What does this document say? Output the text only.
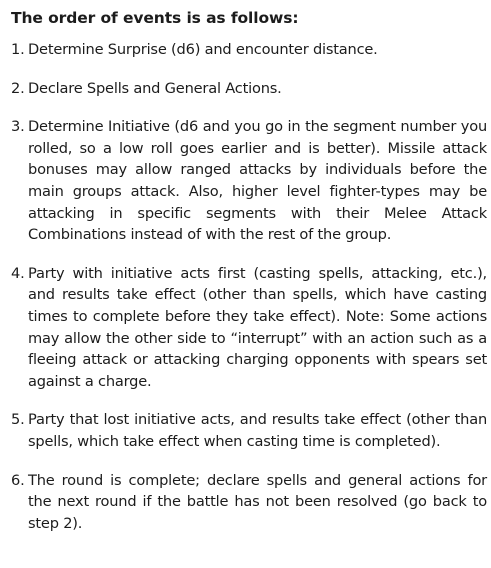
The order of events is as follows:
1. Determine Surprise (d6) and encounter distance.
2. Declare Spells and General Actions.
3. Determine Initiative (d6 and you go in the segment number you rolled, so a low roll goes earlier and is better). Missile attack bonuses may allow ranged attacks by individuals before the main groups attack. Also, higher level fighter-types may be attacking in specific segments with their Melee Attack Combinations instead of with the rest of the group.
4. Party with initiative acts first (casting spells, attacking, etc.), and results take effect (other than spells, which have casting times to complete before they take effect). Note: Some actions may allow the other side to “interrupt” with an action such as a fleeing attack or attacking charging opponents with spears set against a charge.
5. Party that lost initiative acts, and results take effect (other than spells, which take effect when casting time is completed).
6. The round is complete; declare spells and general actions for the next round if the battle has not been resolved (go back to step 2).
